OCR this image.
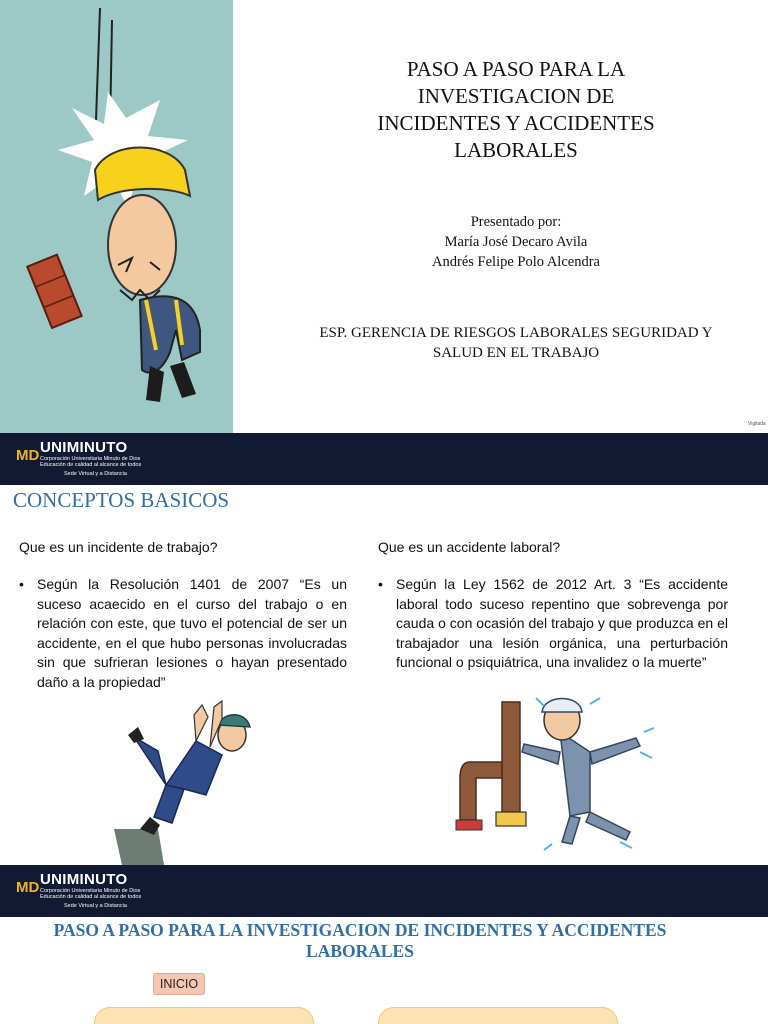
PASO A PASO PARA LA
INVESTIGACION DE
INCIDENTES Y ACCIDENTES
LABORALES
Presentado por:
María José Decaro Avila
Andrés Felipe Polo Alcendra
ESP. GERENCIA DE RIESGOS LABORALES SEGURIDAD Y SALUD EN EL TRABAJO
Vigilada
MD UNIMINUTO
Corporación Universitaria Minuto de Dios
Educación de calidad al alcance de todos
Sede Virtual y a Distancia
CONCEPTOS BASICOS
Que es un incidente de trabajo?
• Según la Resolución 1401 de 2007 “Es un suceso acaecido en el curso del trabajo o en relación con este, que tuvo el potencial de ser un accidente, en el que hubo personas involucradas sin que sufrieran lesiones o hayan presentado daño a la propiedad”
Que es un accidente laboral?
• Según la Ley 1562 de 2012 Art. 3 “Es accidente laboral todo suceso repentino que sobrevenga por cauda o con ocasión del trabajo y que produzca en el trabajador una lesión orgánica, una perturbación funcional o psiquiátrica, una invalidez o la muerte”
MD UNIMINUTO
Corporación Universitaria Minuto de Dios
Educación de calidad al alcance de todos
Sede Virtual y a Distancia
PASO A PASO PARA LA INVESTIGACION DE INCIDENTES Y ACCIDENTES LABORALES
INICIO
